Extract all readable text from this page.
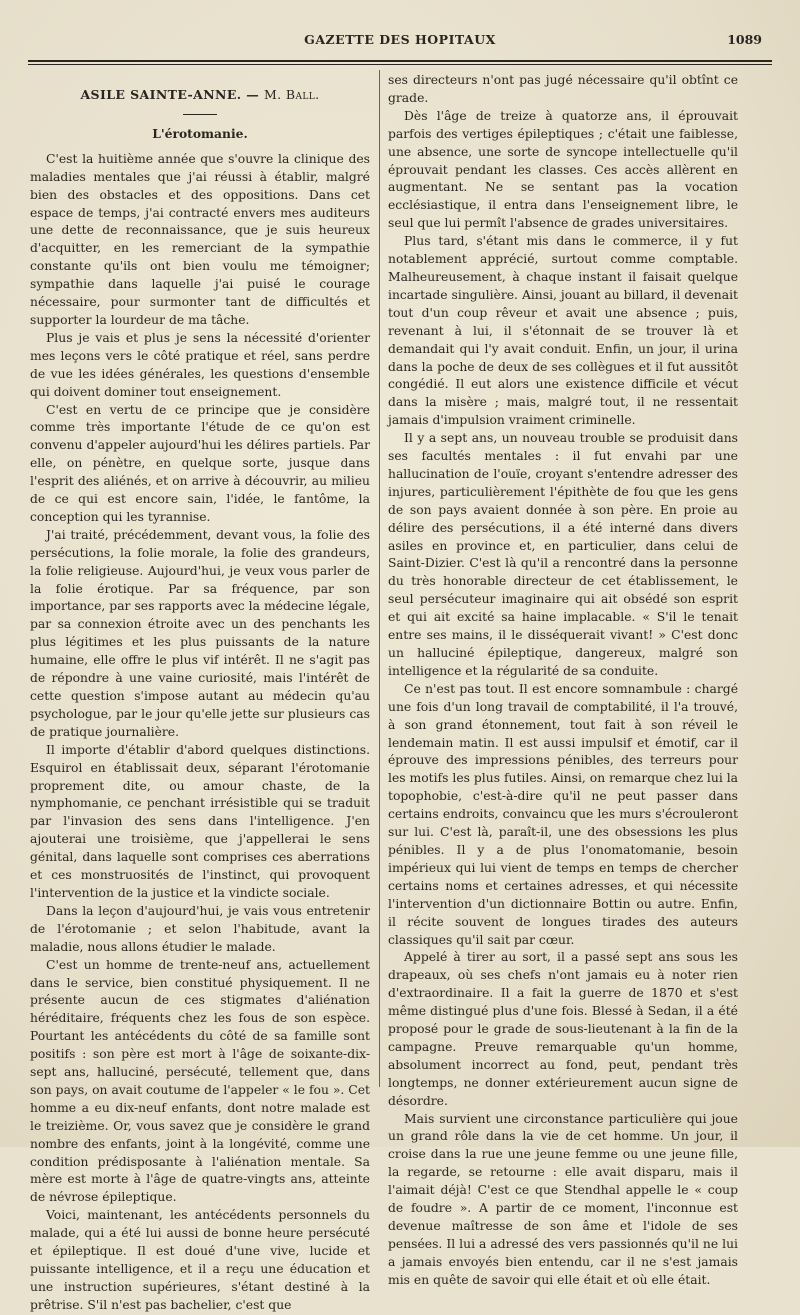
GAZETTE DES HOPITAUX	1089
ASILE SAINTE-ANNE. — M. Ball.
L'érotomanie.

C'est la huitième année que s'ouvre la clinique des maladies mentales que j'ai réussi à établir, malgré bien des obstacles et des oppositions. Dans cet espace de temps, j'ai contracté envers mes auditeurs une dette de reconnaissance, que je suis heureux d'acquitter, en les remerciant de la sympathie constante qu'ils ont bien voulu me témoigner; sympathie dans laquelle j'ai puisé le courage nécessaire, pour surmonter tant de difficultés et supporter la lourdeur de ma tâche.

Plus je vais et plus je sens la nécessité d'orienter mes leçons vers le côté pratique et réel, sans perdre de vue les idées générales, les questions d'ensemble qui doivent dominer tout enseignement.

C'est en vertu de ce principe que je considère comme très importante l'étude de ce qu'on est convenu d'appeler aujourd'hui les délires partiels. Par elle, on pénètre, en quelque sorte, jusque dans l'esprit des aliénés, et on arrive à découvrir, au milieu de ce qui est encore sain, l'idée, le fantôme, la conception qui les tyrannise.

J'ai traité, précédemment, devant vous, la folie des persécutions, la folie morale, la folie des grandeurs, la folie religieuse. Aujourd'hui, je veux vous parler de la folie érotique. Par sa fréquence, par son importance, par ses rapports avec la médecine légale, par sa connexion étroite avec un des penchants les plus légitimes et les plus puissants de la nature humaine, elle offre le plus vif intérêt. Il ne s'agit pas de répondre à une vaine curiosité, mais l'intérêt de cette question s'impose autant au médecin qu'au psychologue, par le jour qu'elle jette sur plusieurs cas de pratique journalière.

Il importe d'établir d'abord quelques distinctions. Esquirol en établissait deux, séparant l'érotomanie proprement dite, ou amour chaste, de la nymphomanie, ce penchant irrésistible qui se traduit par l'invasion des sens dans l'intelligence. J'en ajouterai une troisième, que j'appellerai le sens génital, dans laquelle sont comprises ces aberrations et ces monstruosités de l'instinct, qui provoquent l'intervention de la justice et la vindicte sociale.

Dans la leçon d'aujourd'hui, je vais vous entretenir de l'érotomanie ; et selon l'habitude, avant la maladie, nous allons étudier le malade.

C'est un homme de trente-neuf ans, actuellement dans le service, bien constitué physiquement. Il ne présente aucun de ces stigmates d'aliénation héréditaire, fréquents chez les fous de son espèce. Pourtant les antécédents du côté de sa famille sont positifs : son père est mort à l'âge de soixante-dix-sept ans, halluciné, persécuté, tellement que, dans son pays, on avait coutume de l'appeler « le fou ». Cet homme a eu dix-neuf enfants, dont notre malade est le treizième. Or, vous savez que je considère le grand nombre des enfants, joint à la longévité, comme une condition prédisposante à l'aliénation mentale. Sa mère est morte à l'âge de quatre-vingts ans, atteinte de névrose épileptique.

Voici, maintenant, les antécédents personnels du malade, qui a été lui aussi de bonne heure persécuté et épileptique. Il est doué d'une vive, lucide et puissante intelligence, et il a reçu une éducation et une instruction supérieures, s'étant destiné à la prêtrise. S'il n'est pas bachelier, c'est que

ses directeurs n'ont pas jugé nécessaire qu'il obtînt ce grade.

Dès l'âge de treize à quatorze ans, il éprouvait parfois des vertiges épileptiques ; c'était une faiblesse, une absence, une sorte de syncope intellectuelle qu'il éprouvait pendant les classes. Ces accès allèrent en augmentant. Ne se sentant pas la vocation ecclésiastique, il entra dans l'enseignement libre, le seul que lui permît l'absence de grades universitaires.

Plus tard, s'étant mis dans le commerce, il y fut notablement apprécié, surtout comme comptable. Malheureusement, à chaque instant il faisait quelque incartade singulière. Ainsi, jouant au billard, il devenait tout d'un coup rêveur et avait une absence ; puis, revenant à lui, il s'étonnait de se trouver là et demandait qui l'y avait conduit. Enfin, un jour, il urina dans la poche de deux de ses collègues et il fut aussitôt congédié. Il eut alors une existence difficile et vécut dans la misère ; mais, malgré tout, il ne ressentait jamais d'impulsion vraiment criminelle.

Il y a sept ans, un nouveau trouble se produisit dans ses facultés mentales : il fut envahi par une hallucination de l'ouïe, croyant s'entendre adresser des injures, particulièrement l'épithète de fou que les gens de son pays avaient donnée à son père. En proie au délire des persécutions, il a été interné dans divers asiles en province et, en particulier, dans celui de Saint-Dizier. C'est là qu'il a rencontré dans la personne du très honorable directeur de cet établissement, le seul persécuteur imaginaire qui ait obsédé son esprit et qui ait excité sa haine implacable. « S'il le tenait entre ses mains, il le disséquerait vivant! » C'est donc un halluciné épileptique, dangereux, malgré son intelligence et la régularité de sa conduite.

Ce n'est pas tout. Il est encore somnambule : chargé une fois d'un long travail de comptabilité, il l'a trouvé, à son grand étonnement, tout fait à son réveil le lendemain matin. Il est aussi impulsif et émotif, car il éprouve des impressions pénibles, des terreurs pour les motifs les plus futiles. Ainsi, on remarque chez lui la topophobie, c'est-à-dire qu'il ne peut passer dans certains endroits, convaincu que les murs s'écrouleront sur lui. C'est là, paraît-il, une des obsessions les plus pénibles. Il y a de plus l'onomatomanie, besoin impérieux qui lui vient de temps en temps de chercher certains noms et certaines adresses, et qui nécessite l'intervention d'un dictionnaire Bottin ou autre. Enfin, il récite souvent de longues tirades des auteurs classiques qu'il sait par cœur.

Appelé à tirer au sort, il a passé sept ans sous les drapeaux, où ses chefs n'ont jamais eu à noter rien d'extraordinaire. Il a fait la guerre de 1870 et s'est même distingué plus d'une fois. Blessé à Sedan, il a été proposé pour le grade de sous-lieutenant à la fin de la campagne. Preuve remarquable qu'un homme, absolument incorrect au fond, peut, pendant très longtemps, ne donner extérieurement aucun signe de désordre.

Mais survient une circonstance particulière qui joue un grand rôle dans la vie de cet homme. Un jour, il croise dans la rue une jeune femme ou une jeune fille, la regarde, se retourne : elle avait disparu, mais il l'aimait déjà! C'est ce que Stendhal appelle le « coup de foudre ». A partir de ce moment, l'inconnue est devenue maîtresse de son âme et l'idole de ses pensées. Il lui a adressé des vers passionnés qu'il ne lui a jamais envoyés bien entendu, car il ne s'est jamais mis en quête de savoir qui elle était et où elle était.
